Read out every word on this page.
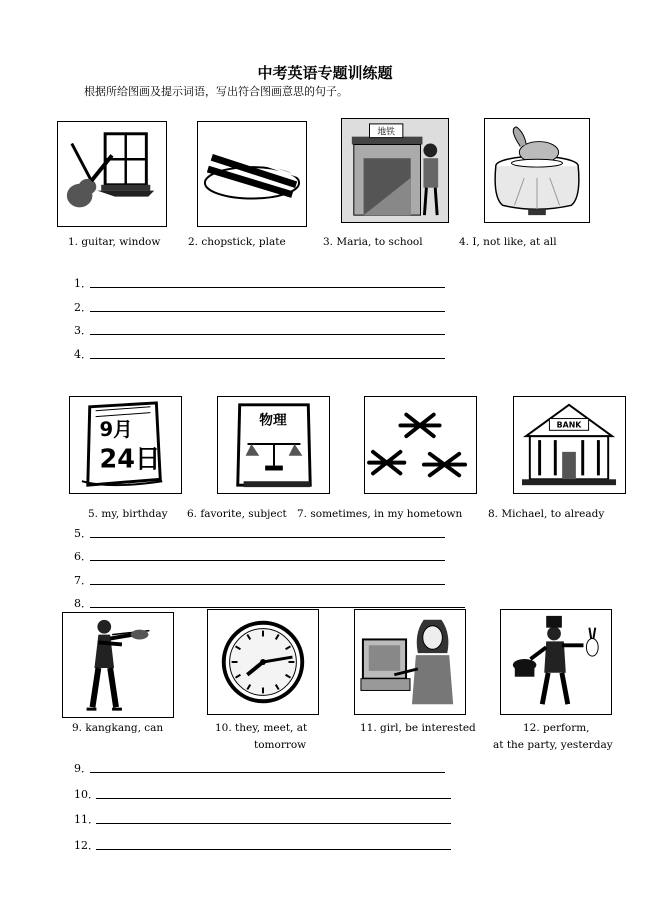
中考英语专题训练题
根据所给图画及提示词语，写出符合图画意思的句子。
地铁
1. guitar, window	2. chopstick, plate	3. Maria, to school	4. I, not like, at all
1．
2．
3．
4．
9月
24日
物理	BANK
5. my, birthday 6. favorite, subject 7. sometimes, in my hometown 8. Michael, to already
5．
6．
7．
8．
9. kangkang, can	10. they, meet, at	11. girl, be interested	12. perform,
tomorrow	at the party, yesterday
9．
10．
11．
12．
